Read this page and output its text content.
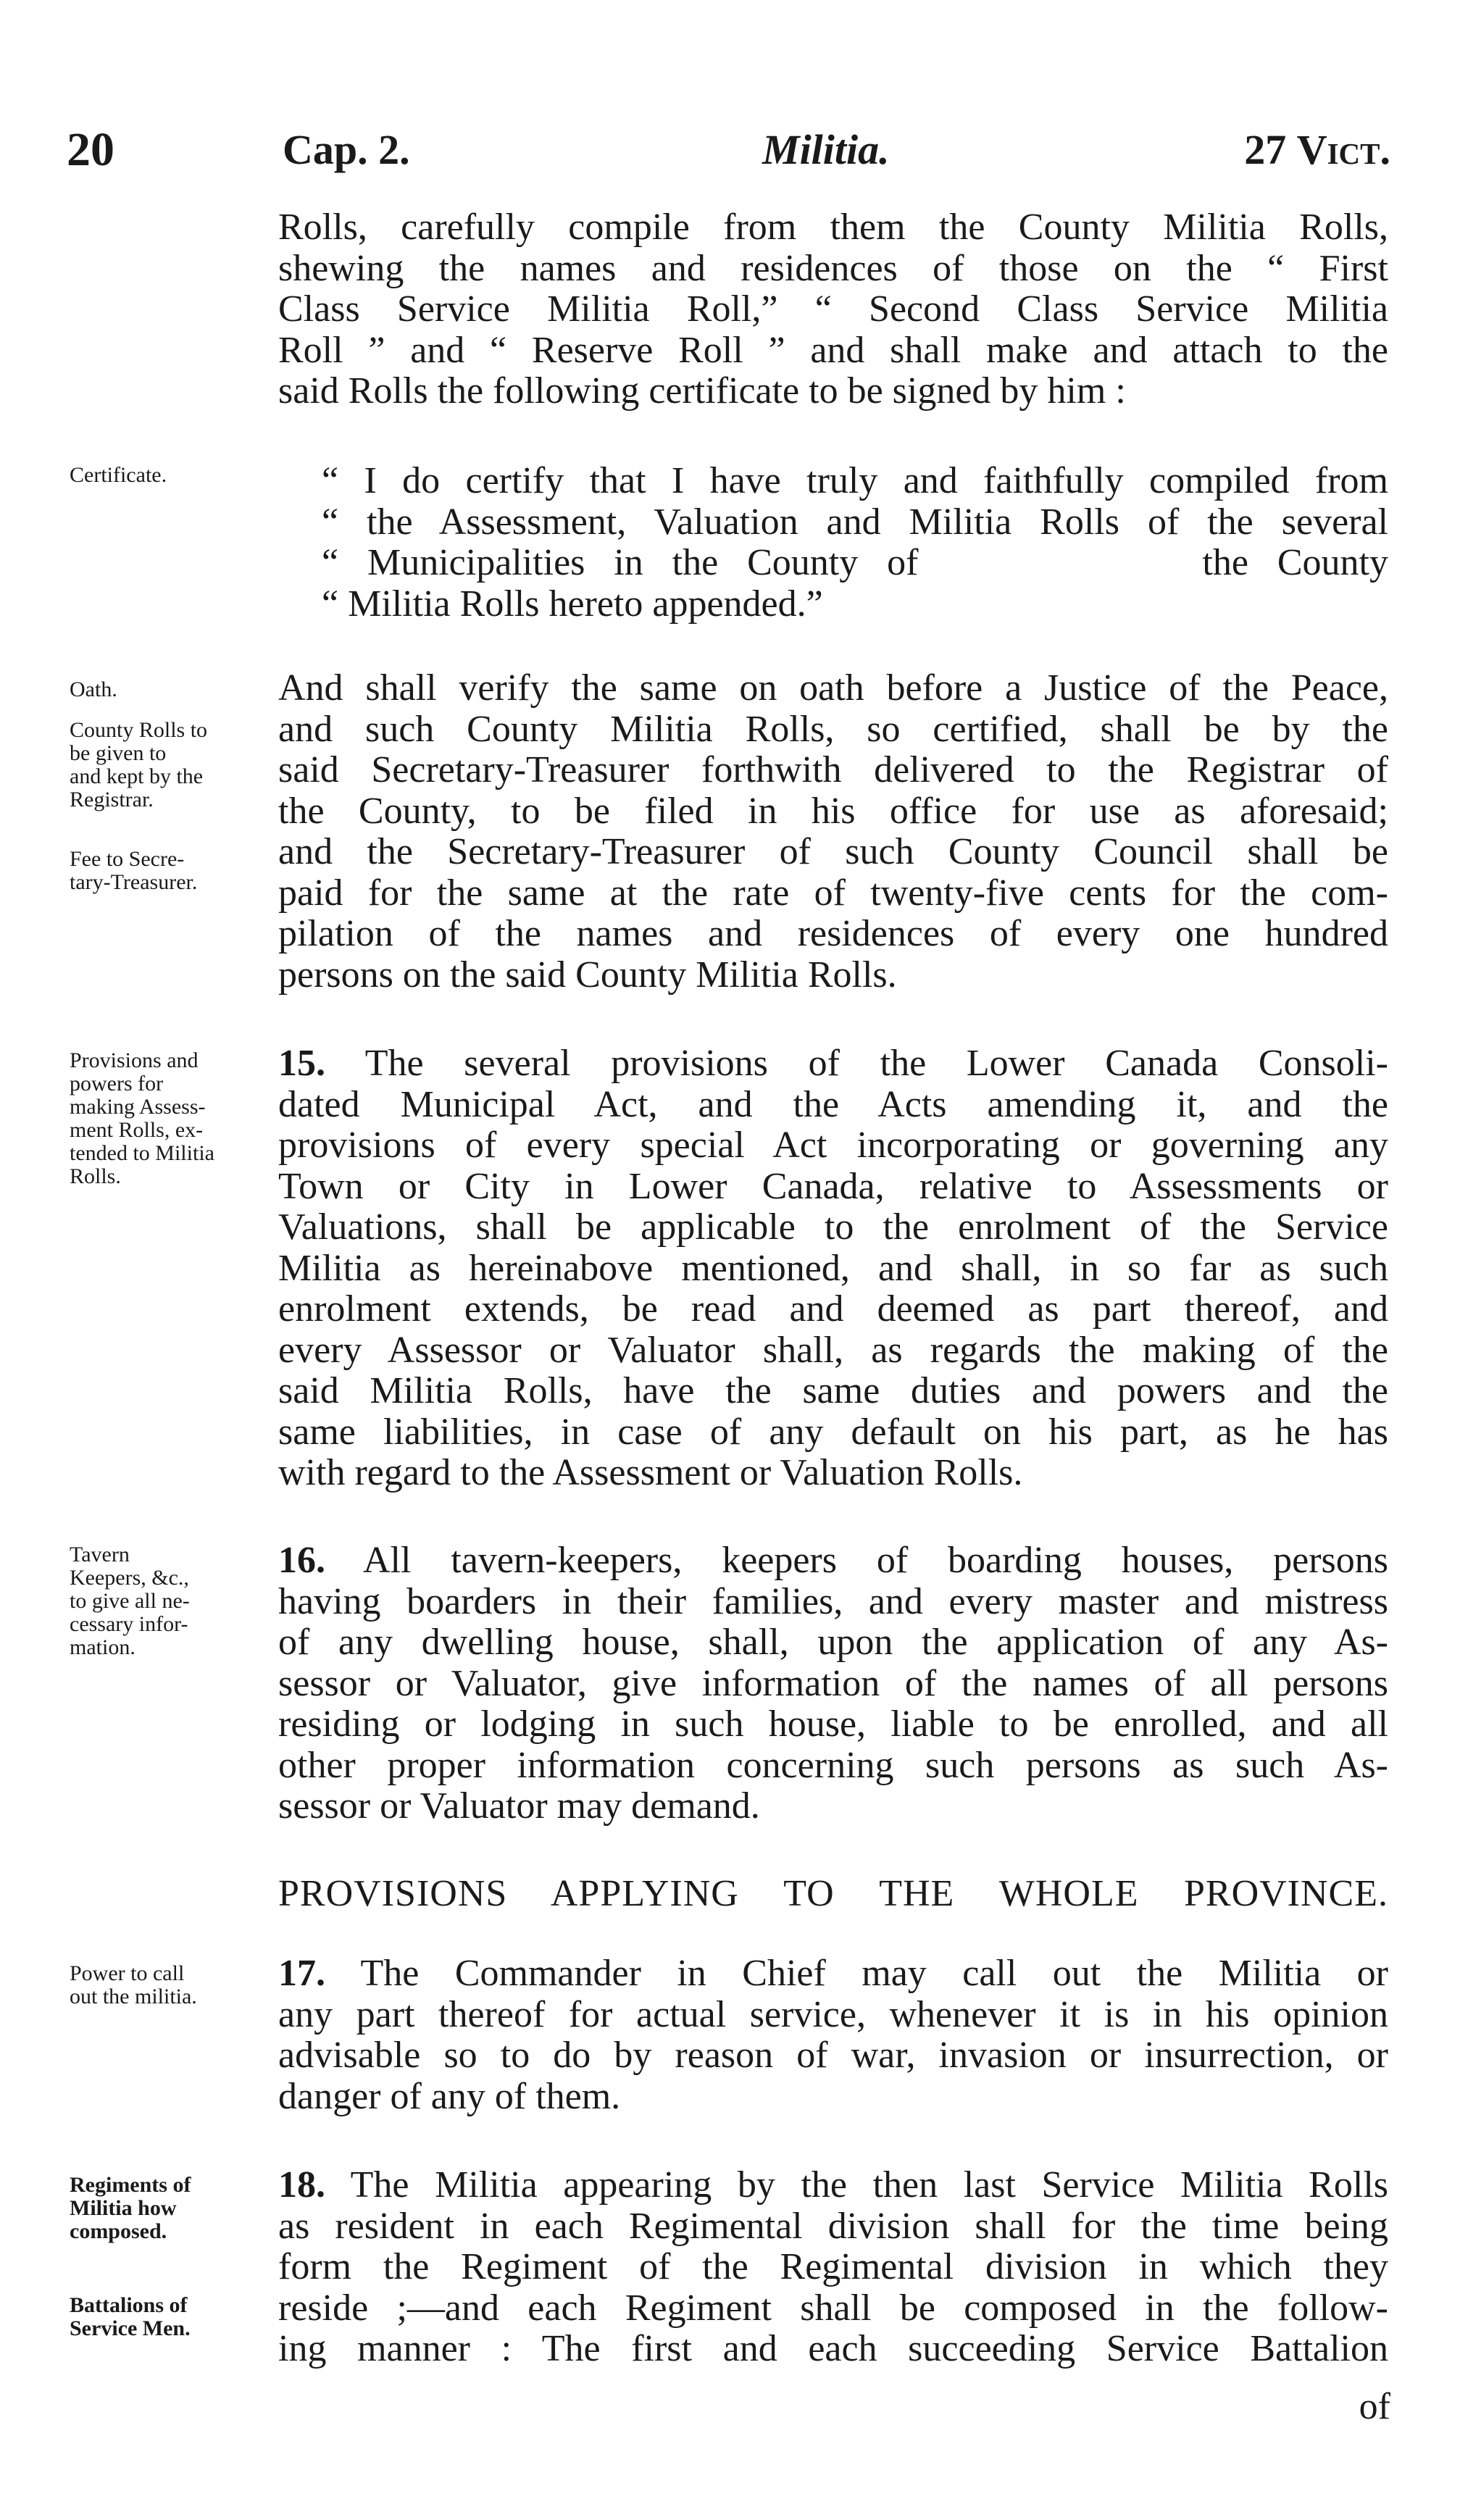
20	Cap. 2.	Militia.	27 Vict.
Rolls, carefully compile from them the County Militia Rolls,
shewing the names and residences of those on the “ First
Class Service Militia Roll,” “ Second Class Service Militia
Roll ” and “ Reserve Roll ” and shall make and attach to the
said Rolls the following certificate to be signed by him :
Certificate.	“ I do certify that I have truly and faithfully compiled from
“ the Assessment, Valuation and Militia Rolls of the several
“ Municipalities in the County of	the County
“ Militia Rolls hereto appended.”
Oath.
County Rolls to
be given to
and kept by the
Registrar.
Fee to Secre-
tary-Treasurer.
And shall verify the same on oath before a Justice of the Peace,
and such County Militia Rolls, so certified, shall be by the
said Secretary-Treasurer forthwith delivered to the Registrar of
the County, to be filed in his office for use as aforesaid;
and the Secretary-Treasurer of such County Council shall be
paid for the same at the rate of twenty-five cents for the com-
pilation of the names and residences of every one hundred
persons on the said County Militia Rolls.
Provisions and
powers for
making Assess-
ment Rolls, ex-
tended to Militia
Rolls.
15. The several provisions of the Lower Canada Consoli-
dated Municipal Act, and the Acts amending it, and the
provisions of every special Act incorporating or governing any
Town or City in Lower Canada, relative to Assessments or
Valuations, shall be applicable to the enrolment of the Service
Militia as hereinabove mentioned, and shall, in so far as such
enrolment extends, be read and deemed as part thereof, and
every Assessor or Valuator shall, as regards the making of the
said Militia Rolls, have the same duties and powers and the
same liabilities, in case of any default on his part, as he has
with regard to the Assessment or Valuation Rolls.
Tavern
Keepers, &c.,
to give all ne-
cessary infor-
mation.
16. All tavern-keepers, keepers of boarding houses, persons
having boarders in their families, and every master and mistress
of any dwelling house, shall, upon the application of any As-
sessor or Valuator, give information of the names of all persons
residing or lodging in such house, liable to be enrolled, and all
other proper information concerning such persons as such As-
sessor or Valuator may demand.
PROVISIONS APPLYING TO THE WHOLE PROVINCE.
Power to call
out the militia.
17. The Commander in Chief may call out the Militia or
any part thereof for actual service, whenever it is in his opinion
advisable so to do by reason of war, invasion or insurrection, or
danger of any of them.
Regiments of
Militia how
composed.
Battalions of
Service Men.
18. The Militia appearing by the then last Service Militia Rolls
as resident in each Regimental division shall for the time being
form the Regiment of the Regimental division in which they
reside ;—and each Regiment shall be composed in the follow-
ing manner : The first and each succeeding Service Battalion
of
